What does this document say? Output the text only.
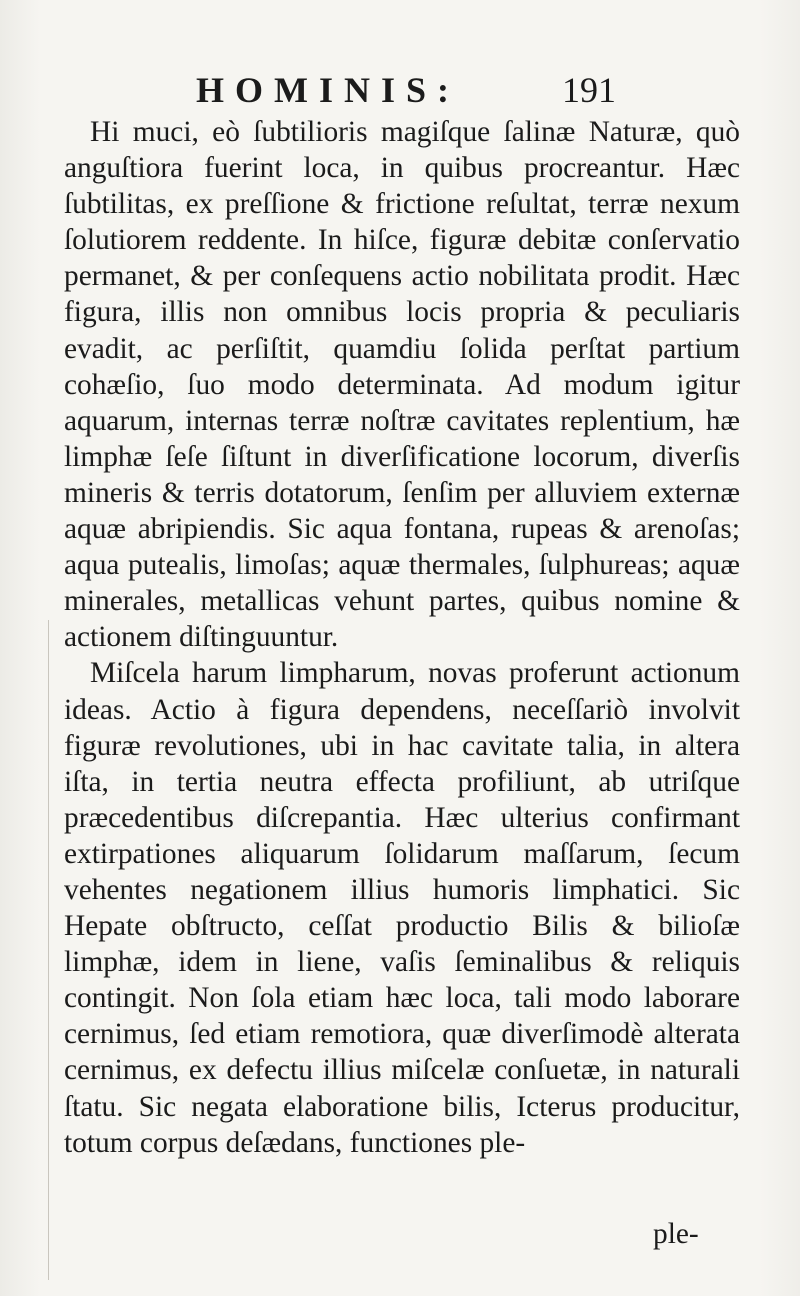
HOMINIS:	191

Hi muci, eò ſubtilioris magiſque ſalinæ Naturæ, quò anguſtiora fuerint loca, in quibus procreantur. Hæc ſubtilitas, ex preſſione & frictione reſultat, terræ nexum ſolutiorem reddente. In hiſce, figuræ debitæ conſervatio permanet, & per conſequens actio nobilitata prodit. Hæc figura, illis non omnibus locis propria & peculiaris evadit, ac perſiſtit, quamdiu ſolida perſtat partium cohæſio, ſuo modo determinata. Ad modum igitur aquarum, internas terræ noſtræ cavitates replentium, hæ limphæ ſeſe ſiſtunt in diverſificatione locorum, diverſis mineris & terris dotatorum, ſenſim per alluviem externæ aquæ abripiendis. Sic aqua fontana, rupeas & arenoſas; aqua putealis, limoſas; aquæ thermales, ſulphureas; aquæ minerales, metallicas vehunt partes, quibus nomine & actionem diſtinguuntur.

Miſcela harum limpharum, novas proferunt actionum ideas. Actio à figura dependens, neceſſariò involvit figuræ revolutiones, ubi in hac cavitate talia, in altera iſta, in tertia neutra effecta profiliunt, ab utriſque præcedentibus diſcrepantia. Hæc ulterius confirmant extirpationes aliquarum ſolidarum maſſarum, ſecum vehentes negationem illius humoris limphatici. Sic Hepate obſtructo, ceſſat productio Bilis & bilioſæ limphæ, idem in liene, vaſis ſeminalibus & reliquis contingit. Non ſola etiam hæc loca, tali modo laborare cernimus, ſed etiam remotiora, quæ diverſimodè alterata cernimus, ex defectu illius miſcelæ conſuetæ, in naturali ſtatu. Sic negata elaboratione bilis, Icterus producitur, totum corpus deſædans, functiones ple-

ple-
